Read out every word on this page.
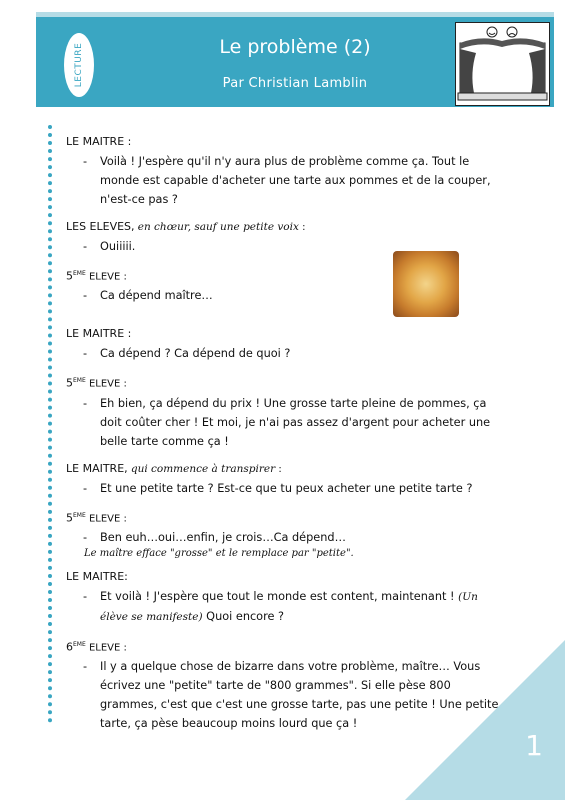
LECTURE	Le problème (2)
Par Christian Lamblin
LE MAITRE :
- Voilà ! J'espère qu'il n'y aura plus de problème comme ça. Tout le monde est capable d'acheter une tarte aux pommes et de la couper, n'est-ce pas ?
LES ELEVES, en chœur, sauf une petite voix :
- Ouiiiii.
5EME ELEVE :
- Ca dépend maître…
LE MAITRE :
- Ca dépend ? Ca dépend de quoi ?
5EME ELEVE :
- Eh bien, ça dépend du prix ! Une grosse tarte pleine de pommes, ça doit coûter cher ! Et moi, je n'ai pas assez d'argent pour acheter une belle tarte comme ça !
LE MAITRE, qui commence à transpirer :
- Et une petite tarte ? Est-ce que tu peux acheter une petite tarte ?
5EME ELEVE :
- Ben euh…oui…enfin, je crois…Ca dépend…
Le maître efface "grosse" et le remplace par "petite".
LE MAITRE:
- Et voilà ! J'espère que tout le monde est content, maintenant ! (Un élève se manifeste) Quoi encore ?
6EME ELEVE :
- Il y a quelque chose de bizarre dans votre problème, maître… Vous écrivez une "petite" tarte de "800 grammes". Si elle pèse 800 grammes, c'est que c'est une grosse tarte, pas une petite ! Une petite tarte, ça pèse beaucoup moins lourd que ça !
1
